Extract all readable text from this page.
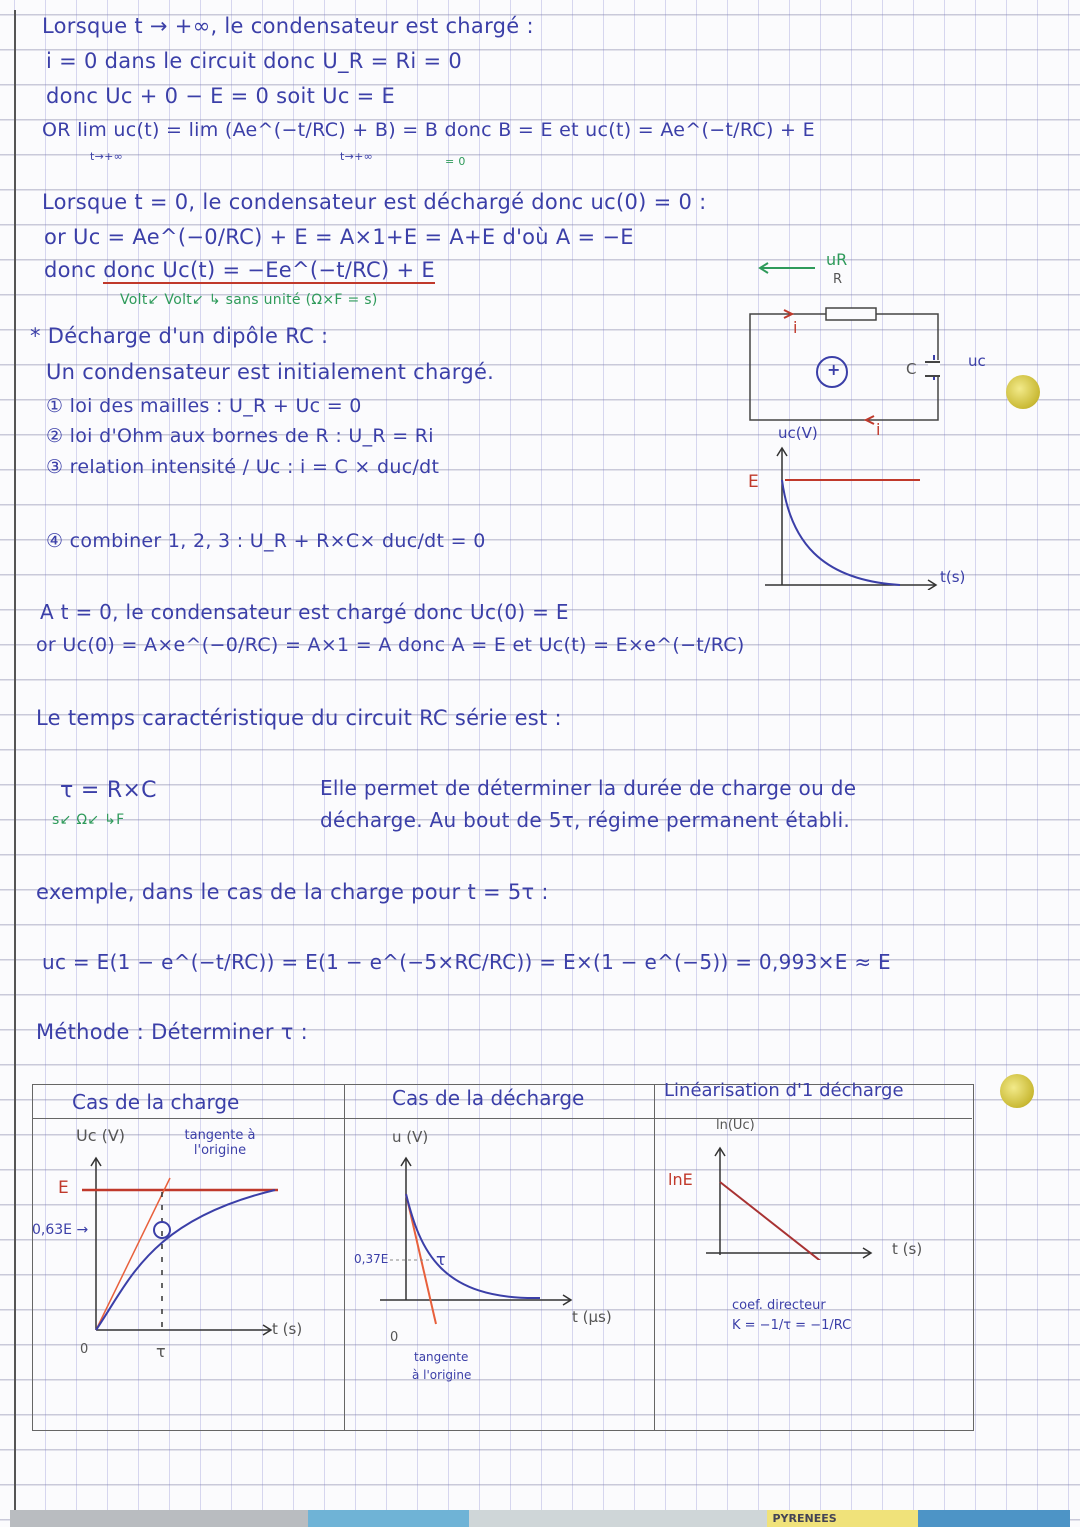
Lorsque t → +∞, le condensateur est chargé :
i = 0 dans le circuit donc U_R = Ri = 0
donc Uc + 0 − E = 0 soit Uc = E
OR lim uc(t) = lim (Ae^(−t/RC) + B) = B donc B = E et uc(t) = Ae^(−t/RC) + E
t→+∞	t→+∞	= 0
Lorsque t = 0, le condensateur est déchargé donc uc(0) = 0 :
or Uc = Ae^(−0/RC) + E = A×1+E = A+E d'où A = −E
donc donc Uc(t) = −Ee^(−t/RC) + E
Volt↙ Volt↙ ↳ sans unité (Ω×F = s)
* Décharge d'un dipôle RC :
Un condensateur est initialement chargé.
① loi des mailles : U_R + Uc = 0
② loi d'Ohm aux bornes de R : U_R = Ri
③ relation intensité / Uc : i = C × duc/dt
④ combiner 1, 2, 3 : U_R + R×C× duc/dt = 0
uR
R
i
+	C	uc
i
uc(V)
E
t(s)
A t = 0, le condensateur est chargé donc Uc(0) = E
or Uc(0) = A×e^(−0/RC) = A×1 = A donc A = E et Uc(t) = E×e^(−t/RC)
Le temps caractéristique du circuit RC série est :
τ = R×C
s↙ Ω↙ ↳F
Elle permet de déterminer la durée de charge ou de
décharge. Au bout de 5τ, régime permanent établi.
exemple, dans le cas de la charge pour t = 5τ :
uc = E(1 − e^(−t/RC)) = E(1 − e^(−5×RC/RC)) = E×(1 − e^(−5)) = 0,993×E ≈ E
Méthode : Déterminer τ :
Cas de la charge	Cas de la décharge	Linéarisation d'1 décharge
Uc (V)	tangente à l'origine
E
0,63E →
t (s)
0	τ
u (V)
0,37E	τ
t (µs)
0
tangente
à l'origine
ln(Uc)
lnE
t (s)
coef. directeur
K = −1/τ = −1/RC
PYRENEES
